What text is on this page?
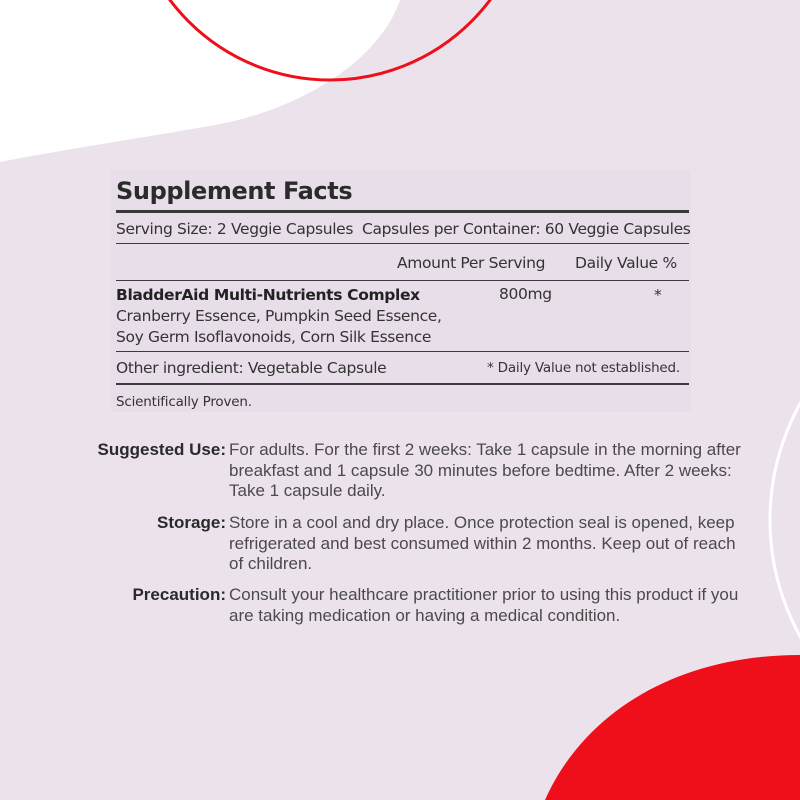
Supplement Facts
Serving Size: 2 Veggie Capsules Capsules per Container: 60 Veggie Capsules
Amount Per Serving Daily Value %
BladderAid Multi-Nutrients Complex	800mg	*
Cranberry Essence, Pumpkin Seed Essence,
Soy Germ Isoflavonoids, Corn Silk Essence
Other ingredient: Vegetable Capsule	* Daily Value not established.
Scientifically Proven.
Suggested Use: For adults. For the first 2 weeks: Take 1 capsule in the morning after breakfast and 1 capsule 30 minutes before bedtime. After 2 weeks: Take 1 capsule daily.
Storage: Store in a cool and dry place. Once protection seal is opened, keep refrigerated and best consumed within 2 months. Keep out of reach of children.
Precaution: Consult your healthcare practitioner prior to using this product if you are taking medication or having a medical condition.
